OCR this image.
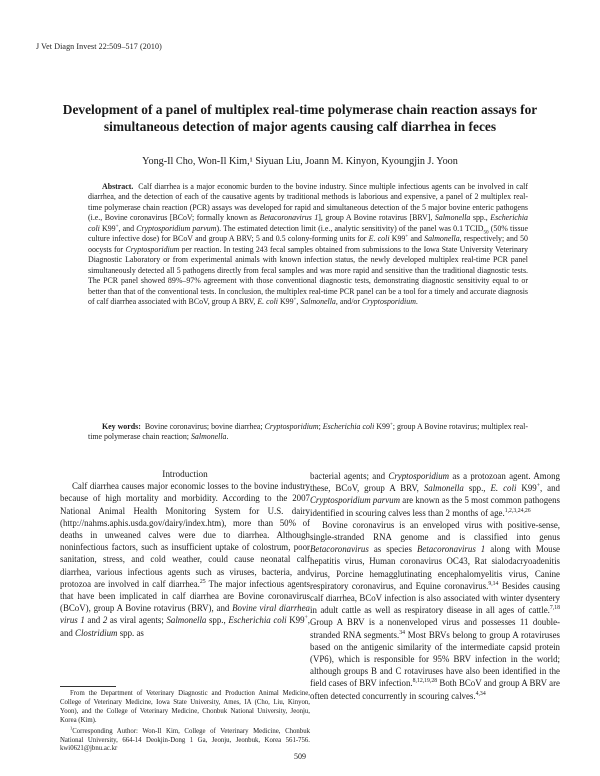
J Vet Diagn Invest 22:509–517 (2010)
Development of a panel of multiplex real-time polymerase chain reaction assays for simultaneous detection of major agents causing calf diarrhea in feces
Yong-Il Cho, Won-Il Kim,¹ Siyuan Liu, Joann M. Kinyon, Kyoungjin J. Yoon

Abstract. Calf diarrhea is a major economic burden to the bovine industry. Since multiple infectious agents can be involved in calf diarrhea, and the detection of each of the causative agents by traditional methods is laborious and expensive, a panel of 2 multiplex real-time polymerase chain reaction (PCR) assays was developed for rapid and simultaneous detection of the 5 major bovine enteric pathogens (i.e., Bovine coronavirus [BCoV; formally known as Betacoronavirus 1], group A Bovine rotavirus [BRV], Salmonella spp., Escherichia coli K99+, and Cryptosporidium parvum). The estimated detection limit (i.e., analytic sensitivity) of the panel was 0.1 $TCID_{50}$ (50% tissue culture infective dose) for BCoV and group A BRV; 5 and 0.5 colony-forming units for E. coli K99+ and Salmonella, respectively; and 50 oocysts for Cryptosporidium per reaction. In testing 243 fecal samples obtained from submissions to the Iowa State University Veterinary Diagnostic Laboratory or from experimental animals with known infection status, the newly developed multiplex real-time PCR panel simultaneously detected all 5 pathogens directly from fecal samples and was more rapid and sensitive than the traditional diagnostic tests. The PCR panel showed 89%–97% agreement with those conventional diagnostic tests, demonstrating diagnostic sensitivity equal to or better than that of the conventional tests. In conclusion, the multiplex real-time PCR panel can be a tool for a timely and accurate diagnosis of calf diarrhea associated with BCoV, group A BRV, E. coli K99+, Salmonella, and/or Cryptosporidium.

Key words: Bovine coronavirus; bovine diarrhea; Cryptosporidium; Escherichia coli K99+; group A Bovine rotavirus; multiplex real-time polymerase chain reaction; Salmonella.

Introduction

Calf diarrhea causes major economic losses to the bovine industry because of high mortality and morbidity. According to the 2007 National Animal Health Monitoring System for U.S. dairy (http://nahms.aphis.usda.gov/dairy/index.htm), more than 50% of deaths in unweaned calves were due to diarrhea. Although noninfectious factors, such as insufficient uptake of colostrum, poor sanitation, stress, and cold weather, could cause neonatal calf diarrhea, various infectious agents such as viruses, bacteria, and protozoa are involved in calf diarrhea.$^{25}$ The major infectious agents that have been implicated in calf diarrhea are Bovine coronavirus (BCoV), group A Bovine rotavirus (BRV), and Bovine viral diarrhea virus 1 and 2 as viral agents; Salmonella spp., Escherichia coli K99+, and Clostridium spp. as

bacterial agents; and Cryptosporidium as a protozoan agent. Among these, BCoV, group A BRV, Salmonella spp., E. coli K99+, and Cryptosporidium parvum are known as the 5 most common pathogens identified in scouring calves less than 2 months of age.$^{1,2,3,24,26}$

Bovine coronavirus is an enveloped virus with positive-sense, single-stranded RNA genome and is classified into genus Betacoronavirus as species Betacoronavirus 1 along with Mouse hepatitis virus, Human coronavirus OC43, Rat sialodacryoadenitis virus, Porcine hemagglutinating encephalomyelitis virus, Canine respiratory coronavirus, and Equine coronavirus.$^{9,14}$ Besides causing calf diarrhea, BCoV infection is also associated with winter dysentery in adult cattle as well as respiratory disease in all ages of cattle.$^{7,18}$ Group A BRV is a nonenveloped virus and possesses 11 double-stranded RNA segments.$^{34}$ Most BRVs belong to group A rotaviruses based on the antigenic similarity of the intermediate capsid protein (VP6), which is responsible for 95% BRV infection in the world; although groups B and C rotaviruses have also been identified in the field cases of BRV infection.$^{8,12,19,28}$ Both BCoV and group A BRV are often detected concurrently in scouring calves.$^{4,34}$

From the Department of Veterinary Diagnostic and Production Animal Medicine, College of Veterinary Medicine, Iowa State University, Ames, IA (Cho, Liu, Kinyon, Yoon), and the College of Veterinary Medicine, Chonbuk National University, Jeonju, Korea (Kim).

$^1$Corresponding Author: Won-Il Kim, College of Veterinary Medicine, Chonbuk National University, 664-14 Deokjin-Dong 1 Ga, Jeonju, Jeonbuk, Korea 561-756. kwi0621@jbnu.ac.kr

509
